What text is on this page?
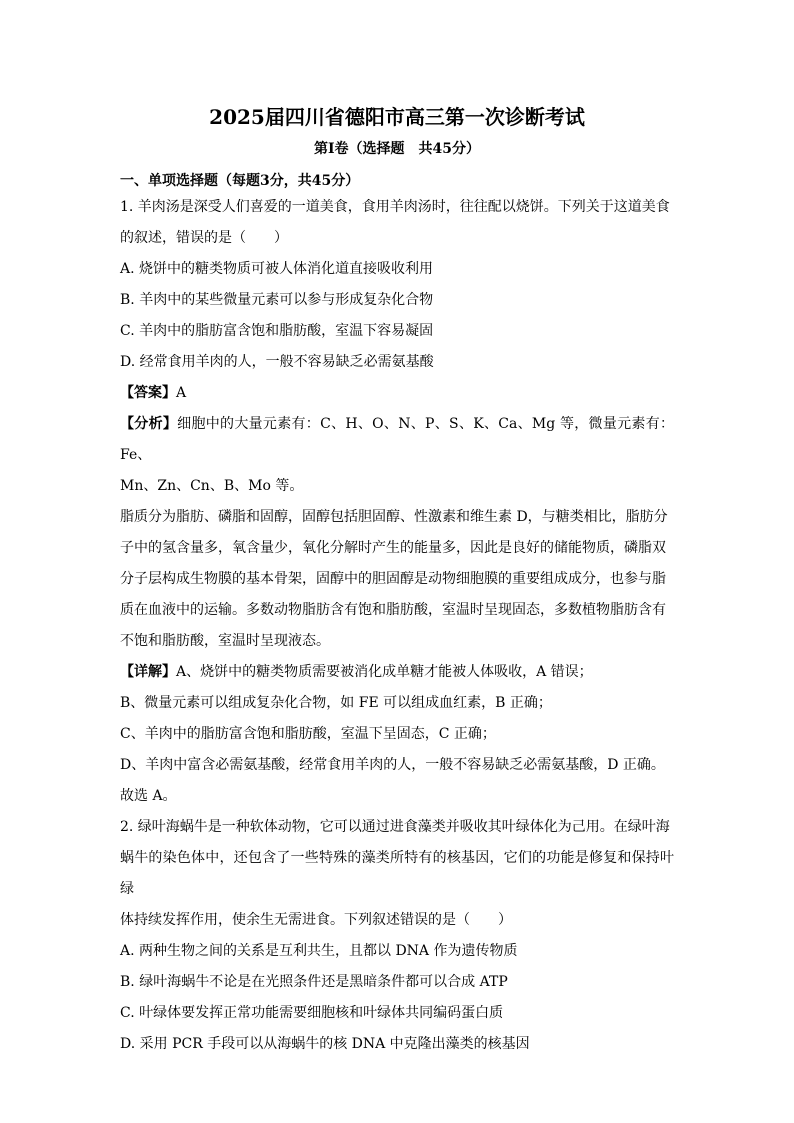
2025届四川省德阳市高三第一次诊断考试
第Ⅰ卷（选择题　共45分）
一、单项选择题（每题3分，共45分）

1. 羊肉汤是深受人们喜爱的一道美食，食用羊肉汤时，往往配以烧饼。下列关于这道美食

的叙述，错误的是（　　）

A. 烧饼中的糖类物质可被人体消化道直接吸收利用

B. 羊肉中的某些微量元素可以参与形成复杂化合物

C. 羊肉中的脂肪富含饱和脂肪酸，室温下容易凝固

D. 经常食用羊肉的人，一般不容易缺乏必需氨基酸

【答案】A

【分析】细胞中的大量元素有：C、H、O、N、P、S、K、Ca、Mg 等，微量元素有：Fe、

Mn、Zn、Cn、B、Mo 等。

脂质分为脂肪、磷脂和固醇，固醇包括胆固醇、性激素和维生素 D，与糖类相比，脂肪分

子中的氢含量多，氧含量少，氧化分解时产生的能量多，因此是良好的储能物质，磷脂双

分子层构成生物膜的基本骨架，固醇中的胆固醇是动物细胞膜的重要组成成分，也参与脂

质在血液中的运输。多数动物脂肪含有饱和脂肪酸，室温时呈现固态，多数植物脂肪含有

不饱和脂肪酸，室温时呈现液态。

【详解】A、烧饼中的糖类物质需要被消化成单糖才能被人体吸收，A 错误；

B、微量元素可以组成复杂化合物，如 FE 可以组成血红素，B 正确；

C、羊肉中的脂肪富含饱和脂肪酸，室温下呈固态，C 正确；

D、羊肉中富含必需氨基酸，经常食用羊肉的人，一般不容易缺乏必需氨基酸，D 正确。

故选 A。

2. 绿叶海蜗牛是一种软体动物，它可以通过进食藻类并吸收其叶绿体化为己用。在绿叶海

蜗牛的染色体中，还包含了一些特殊的藻类所特有的核基因，它们的功能是修复和保持叶绿

体持续发挥作用，使余生无需进食。下列叙述错误的是（　　）

A. 两种生物之间的关系是互利共生，且都以 DNA 作为遗传物质

B. 绿叶海蜗牛不论是在光照条件还是黑暗条件都可以合成 ATP

C. 叶绿体要发挥正常功能需要细胞核和叶绿体共同编码蛋白质

D. 采用 PCR 手段可以从海蜗牛的核 DNA 中克隆出藻类的核基因
